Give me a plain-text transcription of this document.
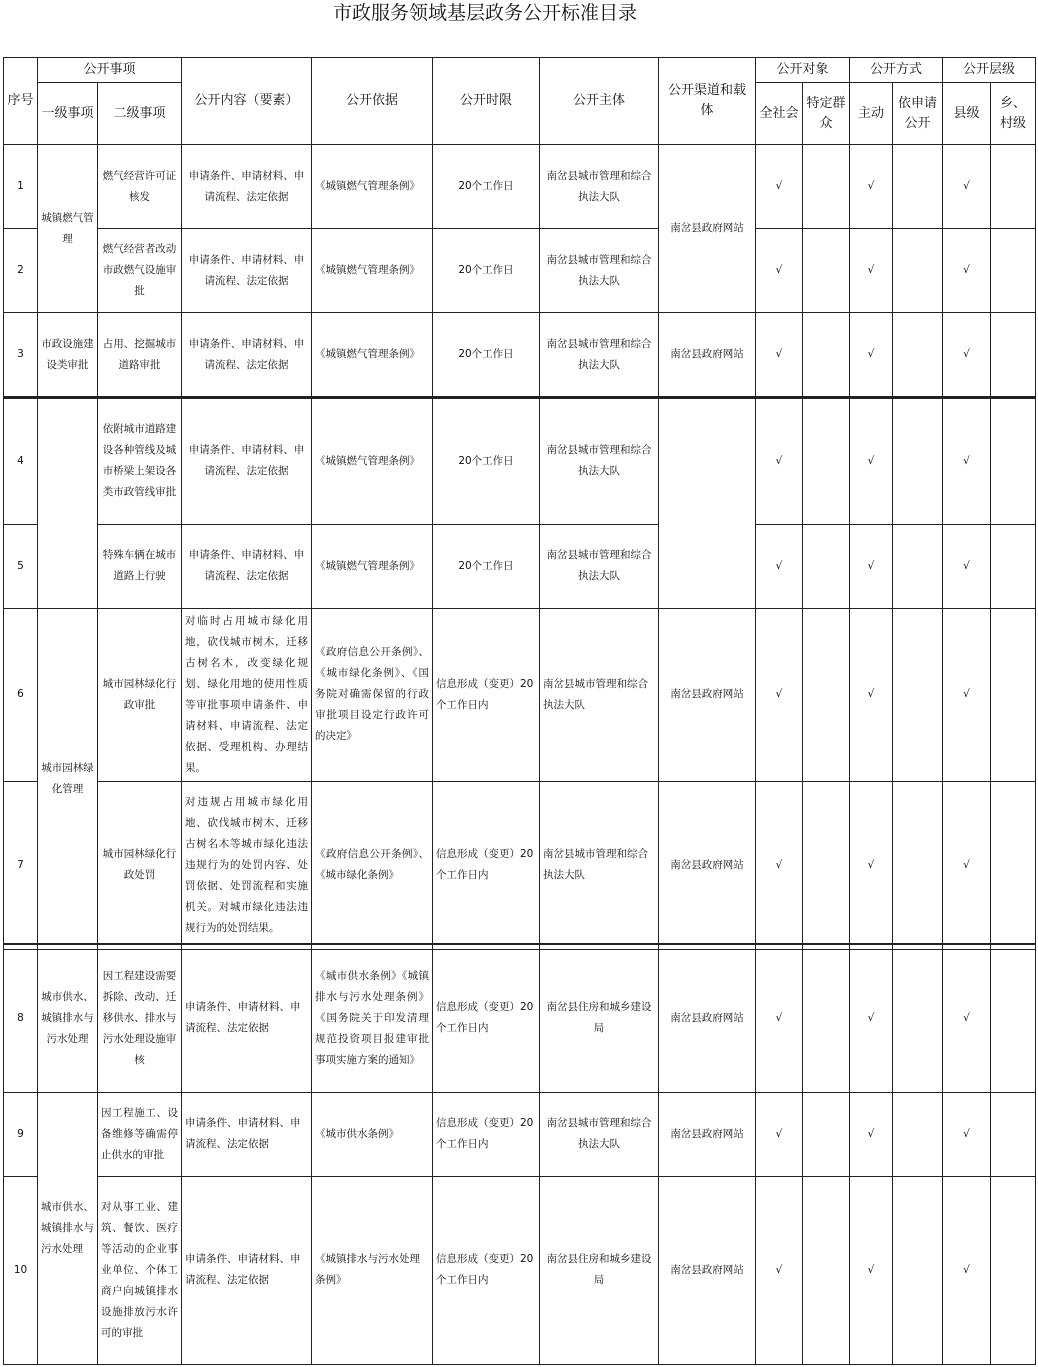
市政服务领域基层政务公开标准目录
序号	公开事项		公开内容（要素）	公开依据	公开时限	公开主体	公开渠道和载体	公开对象		公开方式		公开层级	
	一级事项	二级事项						全社会	特定群众	主动	依申请公开	县级	乡、村级
1	城镇燃气管理	燃气经营许可证核发	申请条件、申请材料、申请流程、法定依据	《城镇燃气管理条例》	20个工作日	南岔县城市管理和综合执法大队	南岔县政府网站	√		√		√	
2		燃气经营者改动市政燃气设施审批	申请条件、申请材料、申请流程、法定依据	《城镇燃气管理条例》	20个工作日	南岔县城市管理和综合执法大队		√		√		√	
3	市政设施建设类审批	占用、挖掘城市道路审批	申请条件、申请材料、申请流程、法定依据	《城镇燃气管理条例》	20个工作日	南岔县城市管理和综合执法大队	南岔县政府网站	√		√		√	
4		依附城市道路建设各种管线及城市桥梁上架设各类市政管线审批	申请条件、申请材料、申请流程、法定依据	《城镇燃气管理条例》	20个工作日	南岔县城市管理和综合执法大队		√		√		√	
5		特殊车辆在城市道路上行驶	申请条件、申请材料、申请流程、法定依据	《城镇燃气管理条例》	20个工作日	南岔县城市管理和综合执法大队		√		√		√	
6	城市园林绿化管理	城市园林绿化行政审批	对临时占用城市绿化用地，砍伐城市树木，迁移古树名木，改变绿化规划、绿化用地的使用性质等审批事项申请条件、申请材料、申请流程、法定依据、受理机构、办理结果。	《政府信息公开条例》、《城市绿化条例》、《国务院对确需保留的行政审批项目设定行政许可的决定》	信息形成（变更）20个工作日内	南岔县城市管理和综合执法大队	南岔县政府网站	√		√		√	
7		城市园林绿化行政处罚	对违规占用城市绿化用地、砍伐城市树木、迁移古树名木等城市绿化违法违规行为的处罚内容、处罚依据、处罚流程和实施机关。对城市绿化违法违规行为的处罚结果。	《政府信息公开条例》、《城市绿化条例》	信息形成（变更）20个工作日内	南岔县城市管理和综合执法大队	南岔县政府网站	√		√		√	
8	城市供水、城镇排水与污水处理	因工程建设需要拆除、改动、迁移供水、排水与污水处理设施审核	申请条件、申请材料、申请流程、法定依据	《城市供水条例》《城镇排水与污水处理条例》《国务院关于印发清理规范投资项目报建审批事项实施方案的通知》	信息形成（变更）20个工作日内	南岔县住房和城乡建设局	南岔县政府网站	√		√		√	
9	城市供水、城镇排水与污水处理	因工程施工、设备维修等确需停止供水的审批	申请条件、申请材料、申请流程、法定依据	《城市供水条例》	信息形成（变更）20个工作日内	南岔县城市管理和综合执法大队	南岔县政府网站	√		√		√	
10		对从事工业、建筑、餐饮、医疗等活动的企业事业单位、个体工商户向城镇排水设施排放污水许可的审批	申请条件、申请材料、申请流程、法定依据	《城镇排水与污水处理条例》	信息形成（变更）20个工作日内	南岔县住房和城乡建设局	南岔县政府网站	√		√		√	
